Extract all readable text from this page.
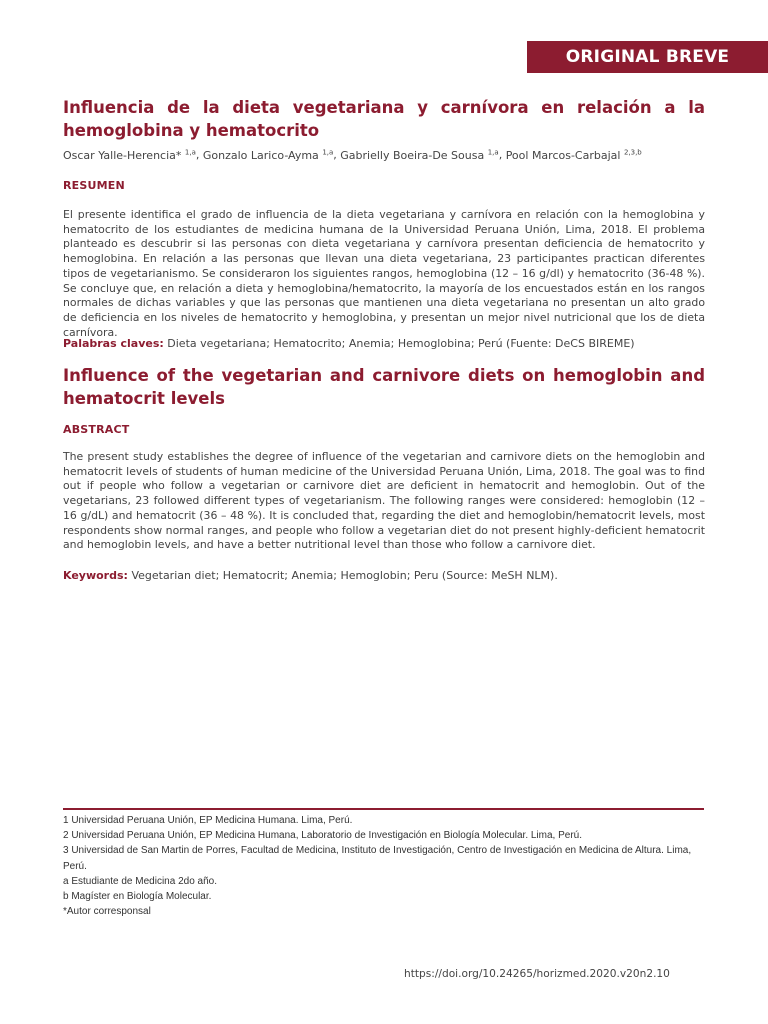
ORIGINAL BREVE
Influencia de la dieta vegetariana y carnívora en relación a la hemoglobina y hematocrito
Oscar Yalle-Herencia* $^{1,a}$, Gonzalo Larico-Ayma $^{1,a}$, Gabrielly Boeira-De Sousa $^{1,a}$, Pool Marcos-Carbajal $^{2,3,b}$
RESUMEN

El presente identifica el grado de influencia de la dieta vegetariana y carnívora en relación con la hemoglobina y hematocrito de los estudiantes de medicina humana de la Universidad Peruana Unión, Lima, 2018. El problema planteado es descubrir si las personas con dieta vegetariana y carnívora presentan deficiencia de hematocrito y hemoglobina. En relación a las personas que llevan una dieta vegetariana, 23 participantes practican diferentes tipos de vegetarianismo. Se consideraron los siguientes rangos, hemoglobina (12 – 16 g/dl) y hematocrito (36-48 %). Se concluye que, en relación a dieta y hemoglobina/hematocrito, la mayoría de los encuestados están en los rangos normales de dichas variables y que las personas que mantienen una dieta vegetariana no presentan un alto grado de deficiencia en los niveles de hematocrito y hemoglobina, y presentan un mejor nivel nutricional que los de dieta carnívora.

Palabras claves: Dieta vegetariana; Hematocrito; Anemia; Hemoglobina; Perú (Fuente: DeCS BIREME)
Influence of the vegetarian and carnivore diets on hemoglobin and hematocrit levels
ABSTRACT

The present study establishes the degree of influence of the vegetarian and carnivore diets on the hemoglobin and hematocrit levels of students of human medicine of the Universidad Peruana Unión, Lima, 2018. The goal was to find out if people who follow a vegetarian or carnivore diet are deficient in hematocrit and hemoglobin. Out of the vegetarians, 23 followed different types of vegetarianism. The following ranges were considered: hemoglobin (12 – 16 g/dL) and hematocrit (36 – 48 %). It is concluded that, regarding the diet and hemoglobin/hematocrit levels, most respondents show normal ranges, and people who follow a vegetarian diet do not present highly-deficient hematocrit and hemoglobin levels, and have a better nutritional level than those who follow a carnivore diet.

Keywords: Vegetarian diet; Hematocrit; Anemia; Hemoglobin; Peru (Source: MeSH NLM).
1 Universidad Peruana Unión, EP Medicina Humana. Lima, Perú.
2 Universidad Peruana Unión, EP Medicina Humana, Laboratorio de Investigación en Biología Molecular. Lima, Perú.
3 Universidad de San Martin de Porres, Facultad de Medicina, Instituto de Investigación, Centro de Investigación en Medicina de Altura. Lima, Perú.
a Estudiante de Medicina 2do año.
b Magíster en Biología Molecular.
*Autor corresponsal
https://doi.org/10.24265/horizmed.2020.v20n2.10
